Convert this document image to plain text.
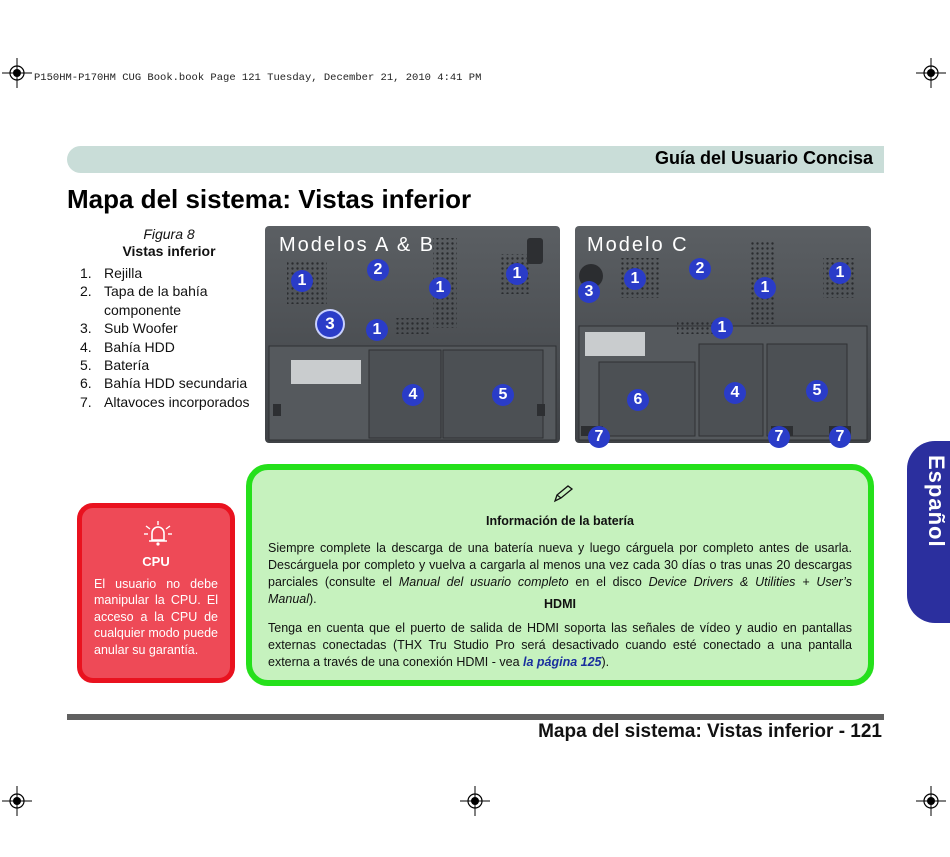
P150HM-P170HM CUG Book.book Page 121 Tuesday, December 21, 2010 4:41 PM
Guía del Usuario Concisa
Mapa del sistema: Vistas inferior
Figura 8
Vistas inferior
1. Rejilla
2. Tapa de la bahía componente
3. Sub Woofer
4. Bahía HDD
5. Batería
6. Bahía HDD secundaria
7. Altavoces incorporados
Modelos A & B	Modelo C
1
2
1
1
3	1
4	5
3
1
2
1
1
1
6	4	5
7	7	7
CPU
El usuario no debe manipular la CPU. El acceso a la CPU de cualquier modo puede anular su garantía.
Información de la batería
Siempre complete la descarga de una batería nueva y luego cárguela por completo antes de usarla. Descárguela por completo y vuelva a cargarla al menos una vez cada 30 días o tras unas 20 descargas parciales (consulte el Manual del usuario completo en el disco Device Drivers & Utilities + User’s Manual).	HDMI
Tenga en cuenta que el puerto de salida de HDMI soporta las señales de vídeo y audio en pantallas externas conectadas (THX Tru Studio Pro será desactivado cuando esté conectado a una pantalla externa a través de una conexión HDMI - vea la página 125).
Mapa del sistema: Vistas inferior - 121
Español
